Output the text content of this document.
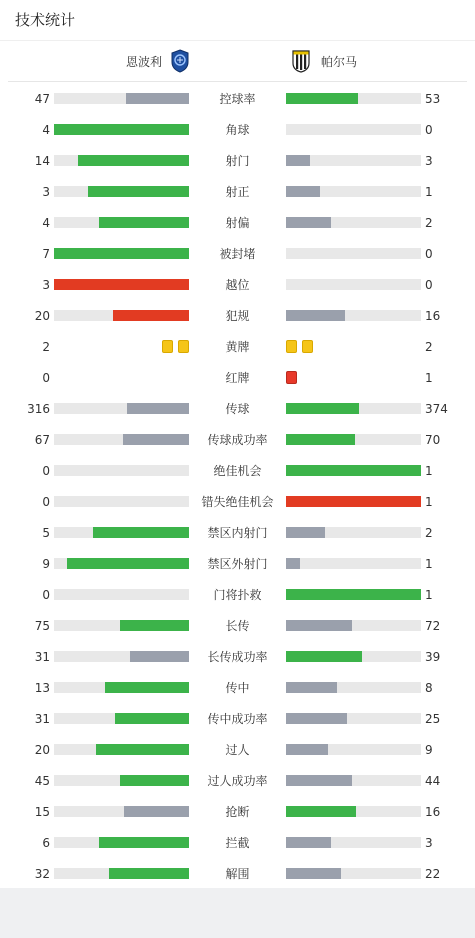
技术统计
恩波利	帕尔马
47	控球率	53
4	角球	0
14	射门	3
3	射正	1
4	射偏	2
7	被封堵	0
3	越位	0
20	犯规	16
2	黄牌	2
0	红牌	1
316	传球	374
67	传球成功率	70
0	绝佳机会	1
0	错失绝佳机会	1
5	禁区内射门	2
9	禁区外射门	1
0	门将扑救	1
75	长传	72
31	长传成功率	39
13	传中	8
31	传中成功率	25
20	过人	9
45	过人成功率	44
15	抢断	16
6	拦截	3
32	解围	22
